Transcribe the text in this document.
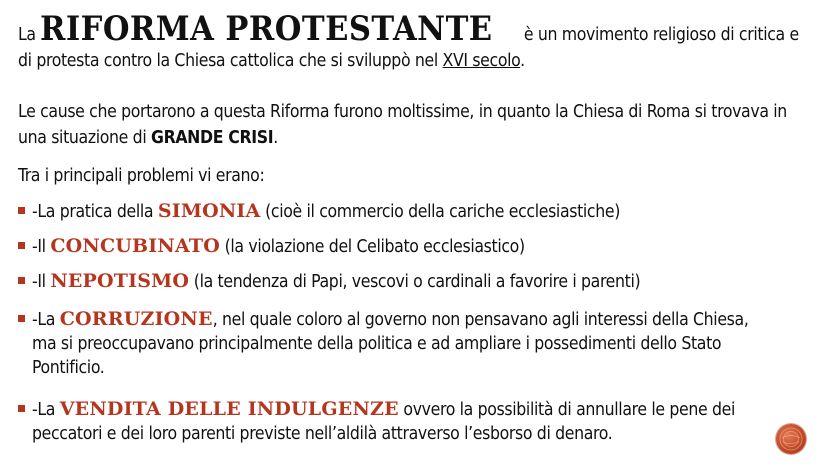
La RIFORMA PROTESTANTE è un movimento religioso di critica e
di protesta contro la Chiesa cattolica che si sviluppò nel XVI secolo.
Le cause che portarono a questa Riforma furono moltissime, in quanto la Chiesa di Roma si trovava in una situazione di GRANDE CRISI.
Tra i principali problemi vi erano:
-La pratica della SIMONIA (cioè il commercio della cariche ecclesiastiche)
-Il CONCUBINATO (la violazione del Celibato ecclesiastico)
-Il NEPOTISMO (la tendenza di Papi, vescovi o cardinali a favorire i parenti)
-La CORRUZIONE, nel quale coloro al governo non pensavano agli interessi della Chiesa,
ma si preoccupavano principalmente della politica e ad ampliare i possedimenti dello Stato
Pontificio.
-La VENDITA DELLE INDULGENZE ovvero la possibilità di annullare le pene dei
peccatori e dei loro parenti previste nell’aldilà attraverso l’esborso di denaro.
